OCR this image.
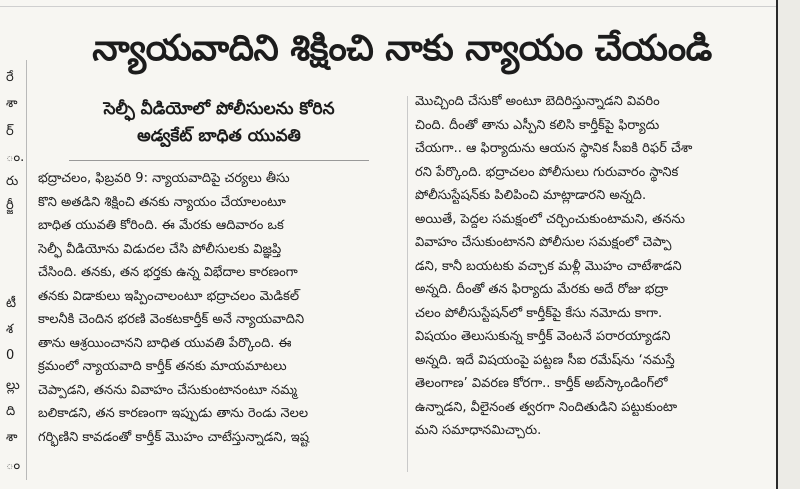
రే
శా
ర్
ం.
రు
ర్జీ
టీ
శ
0
ల్లు
ది
శా
ం
న్యాయవాదిని శిక్షించి నాకు న్యాయం చేయండి
సెల్ఫీ వీడియోలో పోలీసులను కోరిన
అడ్వకేట్ బాధిత యువతి
భద్రాచలం, ఫిబ్రవరి 9: న్యాయవాదిపై చర్యలు తీసు
కొని అతడిని శిక్షించి తనకు న్యాయం చేయాలంటూ
బాధిత యువతి కోరింది. ఈ మేరకు ఆదివారం ఒక
సెల్ఫీ వీడియోను విడుదల చేసి పోలీసులకు విజ్ఞప్తి
చేసింది. తనకు, తన భర్తకు ఉన్న విభేదాల కారణంగా
తనకు విడాకులు ఇప్పించాలంటూ భద్రాచలం మెడికల్
కాలనీకి చెందిన భరణి వెంకటకార్తీక్ అనే న్యాయవాదిని
తాను ఆశ్రయించానని బాధిత యువతి పేర్కొంది. ఈ
క్రమంలో న్యాయవాది కార్తీక్ తనకు మాయమాటలు
చెప్పాడని, తనను వివాహం చేసుకుంటానంటూ నమ్మ
బలికాడని, తన కారణంగా ఇప్పుడు తాను రెండు నెలల
గర్భిణిని కావడంతో కార్తీక్ మొహం చాటేస్తున్నాడని, ఇష్ట
మొచ్చింది చేసుకో అంటూ బెదిరిస్తున్నాడని వివరిం
చింది. దీంతో తాను ఎస్పీని కలిసి కార్తీక్‌పై ఫిర్యాదు
చేయగా.. ఆ ఫిర్యాదును ఆయన స్థానిక సీఐకి రిఫర్ చేశా
రని పేర్కొంది. భద్రాచలం పోలీసులు గురువారం స్థానిక
పోలీసుస్టేషన్‌కు పిలిపించి మాట్లాడారని అన్నది.
అయితే, పెద్దల సమక్షంలో చర్చించుకుంటామని, తనను
వివాహం చేసుకుంటానని పోలీసుల సమక్షంలో చెప్పా
డని, కానీ బయటకు వచ్చాక మళ్లీ మొహం చాటేశాడని
అన్నది. దీంతో తన ఫిర్యాదు మేరకు అదే రోజు భద్రా
చలం పోలీసుస్టేషన్‌లో కార్తీక్‌పై కేసు నమోదు కాగా.
విషయం తెలుసుకున్న కార్తీక్ వెంటనే పరారయ్యాడని
అన్నది. ఇదే విషయంపై పట్టణ సీఐ రమేష్‌ను ‘నమస్తే
తెలంగాణ’ వివరణ కోరగా.. కార్తీక్ అబ్‌స్కాండింగ్‌లో
ఉన్నాడని, వీలైనంత త్వరగా నిందితుడిని పట్టుకుంటా
మని సమాధానమిచ్చారు.
